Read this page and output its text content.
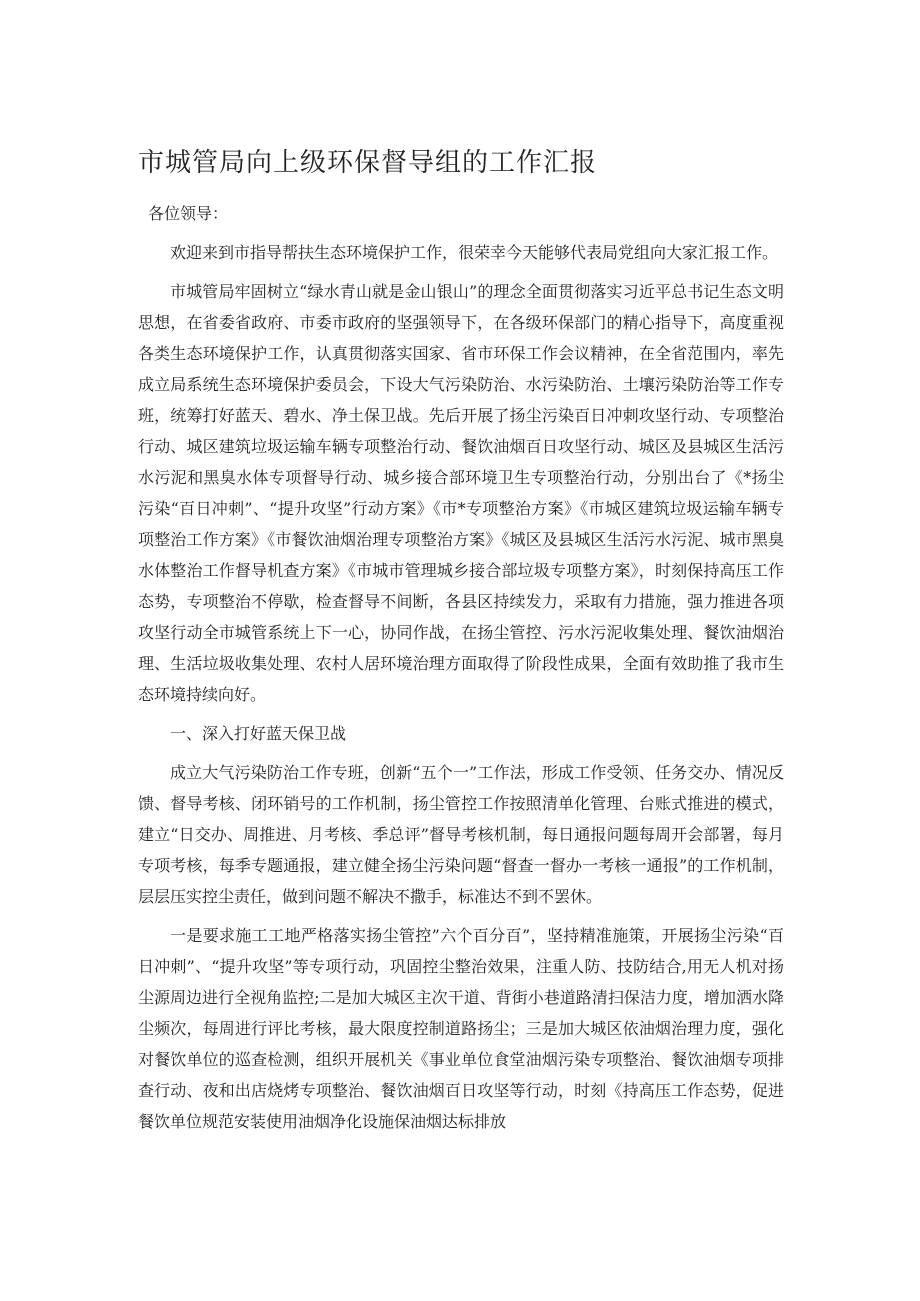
市城管局向上级环保督导组的工作汇报

各位领导：

欢迎来到市指导帮扶生态环境保护工作，很荣幸今天能够代表局党组向大家汇报工作。

市城管局牢固树立“绿水青山就是金山银山”的理念全面贯彻落实习近平总书记生态文明思想，在省委省政府、市委市政府的坚强领导下，在各级环保部门的精心指导下，高度重视各类生态环境保护工作，认真贯彻落实国家、省市环保工作会议精神，在全省范围内，率先成立局系统生态环境保护委员会，下设大气污染防治、水污染防治、土壤污染防治等工作专班，统筹打好蓝天、碧水、净土保卫战。先后开展了扬尘污染百日冲刺攻坚行动、专项整治行动、城区建筑垃圾运输车辆专项整治行动、餐饮油烟百日攻坚行动、城区及县城区生活污水污泥和黑臭水体专项督导行动、城乡接合部环境卫生专项整治行动，分别出台了《*扬尘污染“百日冲刺”、“提升攻坚”行动方案》《市*专项整治方案》《市城区建筑垃圾运输车辆专项整治工作方案》《市餐饮油烟治理专项整治方案》《城区及县城区生活污水污泥、城市黑臭水体整治工作督导机查方案》《市城市管理城乡接合部垃圾专项整方案》，时刻保持高压工作态势，专项整治不停歇，检查督导不间断，各县区持续发力，采取有力措施，强力推进各项攻坚行动全市城管系统上下一心，协同作战，在扬尘管控、污水污泥收集处理、餐饮油烟治理、生活垃圾收集处理、农村人居环境治理方面取得了阶段性成果，全面有效助推了我市生态环境持续向好。

一、深入打好蓝天保卫战

成立大气污染防治工作专班，创新“五个一”工作法，形成工作受领、任务交办、情况反馈、督导考核、闭环销号的工作机制，扬尘管控工作按照清单化管理、台账式推进的模式，建立“日交办、周推进、月考核、季总评”督导考核机制，每日通报问题每周开会部署，每月专项考核，每季专题通报，建立健全扬尘污染问题“督查一督办一考核一通报”的工作机制，层层压实控尘责任，做到问题不解决不撒手，标准达不到不罢休。

一是要求施工工地严格落实扬尘管控”六个百分百”，坚持精准施策，开展扬尘污染“百日冲刺”、“提升攻坚”等专项行动，巩固控尘整治效果，注重人防、技防结合,用无人机对扬尘源周边进行全视角监控;二是加大城区主次干道、背街小巷道路清扫保洁力度，增加洒水降尘频次，每周进行评比考核，最大限度控制道路扬尘；三是加大城区依油烟治理力度，强化对餐饮单位的巡查检测，组织开展机关《事业单位食堂油烟污染专项整治、餐饮油烟专项排查行动、夜和出店烧烤专项整治、餐饮油烟百日攻坚等行动，时刻《持高压工作态势，促进餐饮单位规范安装使用油烟净化设施保油烟达标排放
